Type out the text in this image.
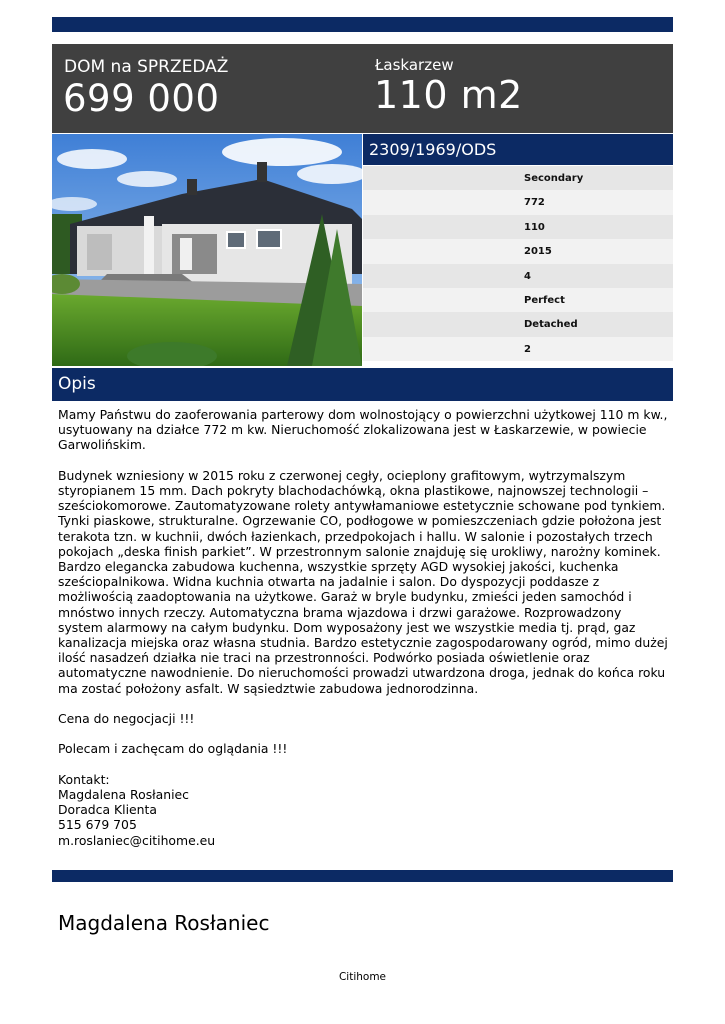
DOM na SPRZEDAŻ
699 000
Łaskarzew
110 m2
2309/1969/ODS
Secondary
772
110
2015
4
Perfect
Detached
2
Opis

Mamy Państwu do zaoferowania parterowy dom wolnostojący o powierzchni użytkowej 110 m kw., usytuowany na działce 772 m kw. Nieruchomość zlokalizowana jest w Łaskarzewie, w powiecie Garwolińskim.

Budynek wzniesiony w 2015 roku z czerwonej cegły, ocieplony grafitowym, wytrzymalszym styropianem 15 mm. Dach pokryty blachodachówką, okna plastikowe, najnowszej technologii – sześciokomorowe. Zautomatyzowane rolety antywłamaniowe estetycznie schowane pod tynkiem. Tynki piaskowe, strukturalne. Ogrzewanie CO, podłogowe w pomieszczeniach gdzie położona jest terakota tzn. w kuchnii, dwóch łazienkach, przedpokojach i hallu. W salonie i pozostałych trzech pokojach „deska finish parkiet”. W przestronnym salonie znajduję się urokliwy, narożny kominek. Bardzo elegancka zabudowa kuchenna, wszystkie sprzęty AGD wysokiej jakości, kuchenka sześciopalnikowa. Widna kuchnia otwarta na jadalnie i salon. Do dyspozycji poddasze z możliwością zaadoptowania na użytkowe. Garaż w bryle budynku, zmieści jeden samochód i mnóstwo innych rzeczy. Automatyczna brama wjazdowa i drzwi garażowe. Rozprowadzony system alarmowy na całym budynku. Dom wyposażony jest we wszystkie media tj. prąd, gaz kanalizacja miejska oraz własna studnia. Bardzo estetycznie zagospodarowany ogród, mimo dużej ilość nasadzeń działka nie traci na przestronności. Podwórko posiada oświetlenie oraz automatyczne nawodnienie. Do nieruchomości prowadzi utwardzona droga, jednak do końca roku ma zostać położony asfalt. W sąsiedztwie zabudowa jednorodzinna.

Cena do negocjacji !!!

Polecam i zachęcam do oglądania !!!

Kontakt:
Magdalena Rosłaniec
Doradca Klienta
515 679 705
m.roslaniec@citihome.eu
Magdalena Rosłaniec
Citihome
